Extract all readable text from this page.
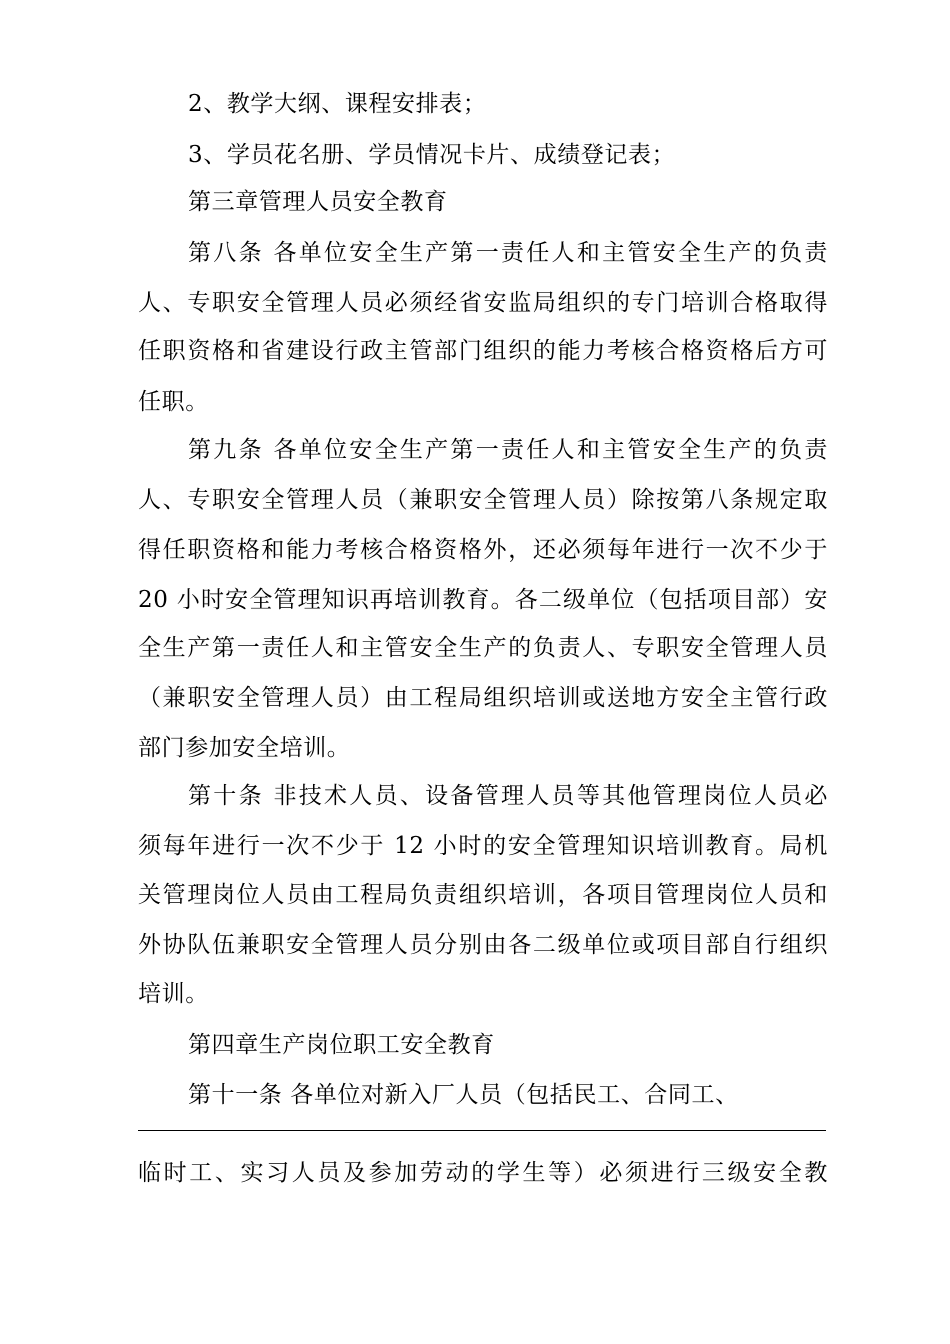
2、教学大纲、课程安排表；
3、学员花名册、学员情况卡片、成绩登记表；
第三章管理人员安全教育
第八条 各单位安全生产第一责任人和主管安全生产的负责
人、专职安全管理人员必须经省安监局组织的专门培训合格取得
任职资格和省建设行政主管部门组织的能力考核合格资格后方可
任职。
第九条 各单位安全生产第一责任人和主管安全生产的负责
人、专职安全管理人员（兼职安全管理人员）除按第八条规定取
得任职资格和能力考核合格资格外，还必须每年进行一次不少于
20 小时安全管理知识再培训教育。各二级单位（包括项目部）安
全生产第一责任人和主管安全生产的负责人、专职安全管理人员
（兼职安全管理人员）由工程局组织培训或送地方安全主管行政
部门参加安全培训。
第十条 非技术人员、设备管理人员等其他管理岗位人员必
须每年进行一次不少于 12 小时的安全管理知识培训教育。局机
关管理岗位人员由工程局负责组织培训，各项目管理岗位人员和
外协队伍兼职安全管理人员分别由各二级单位或项目部自行组织
培训。
第四章生产岗位职工安全教育
第十一条 各单位对新入厂人员（包括民工、合同工、
临时工、实习人员及参加劳动的学生等）必须进行三级安全教
